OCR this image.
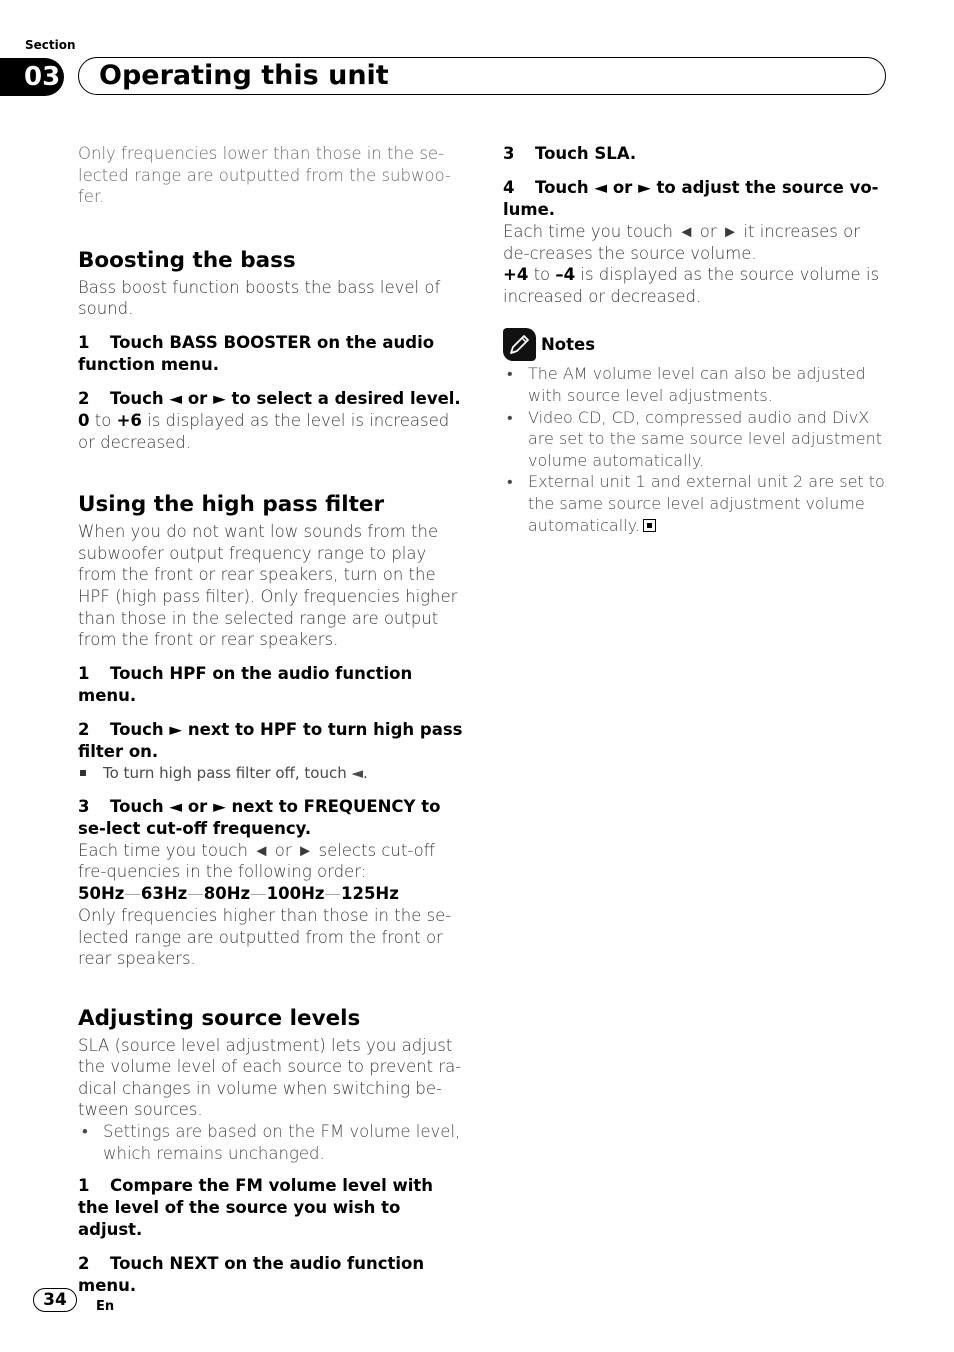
Section
03 Operating this unit

Only frequencies lower than those in the se-lected range are outputted from the subwoo-fer.

Boosting the bass

Bass boost function boosts the bass level of sound.

1 Touch BASS BOOSTER on the audio function menu.
2 Touch ◄ or ► to select a desired level.

0 to +6 is displayed as the level is increased or decreased.

Using the high pass filter

When you do not want low sounds from the subwoofer output frequency range to play from the front or rear speakers, turn on the HPF (high pass filter). Only frequencies higher than those in the selected range are output from the front or rear speakers.

1 Touch HPF on the audio function menu.
2 Touch ► next to HPF to turn high pass filter on.
To turn high pass filter off, touch ◄.
3 Touch ◄ or ► next to FREQUENCY to se-lect cut-off frequency.

Each time you touch ◄ or ► selects cut-off fre-quencies in the following order:

50Hz—63Hz—80Hz—100Hz—125Hz

Only frequencies higher than those in the se-lected range are outputted from the front or rear speakers.

Adjusting source levels

SLA (source level adjustment) lets you adjust the volume level of each source to prevent ra-dical changes in volume when switching be-tween sources.

• Settings are based on the FM volume level, which remains unchanged.
1 Compare the FM volume level with the level of the source you wish to adjust.
2 Touch NEXT on the audio function menu.
3 Touch SLA.
4 Touch ◄ or ► to adjust the source vo-lume.

Each time you touch ◄ or ► it increases or de-creases the source volume.

+4 to –4 is displayed as the source volume is increased or decreased.

Notes
• The AM volume level can also be adjusted with source level adjustments.
• Video CD, CD, compressed audio and DivX are set to the same source level adjustment volume automatically.
• External unit 1 and external unit 2 are set to the same source level adjustment volume automatically.
34	En
